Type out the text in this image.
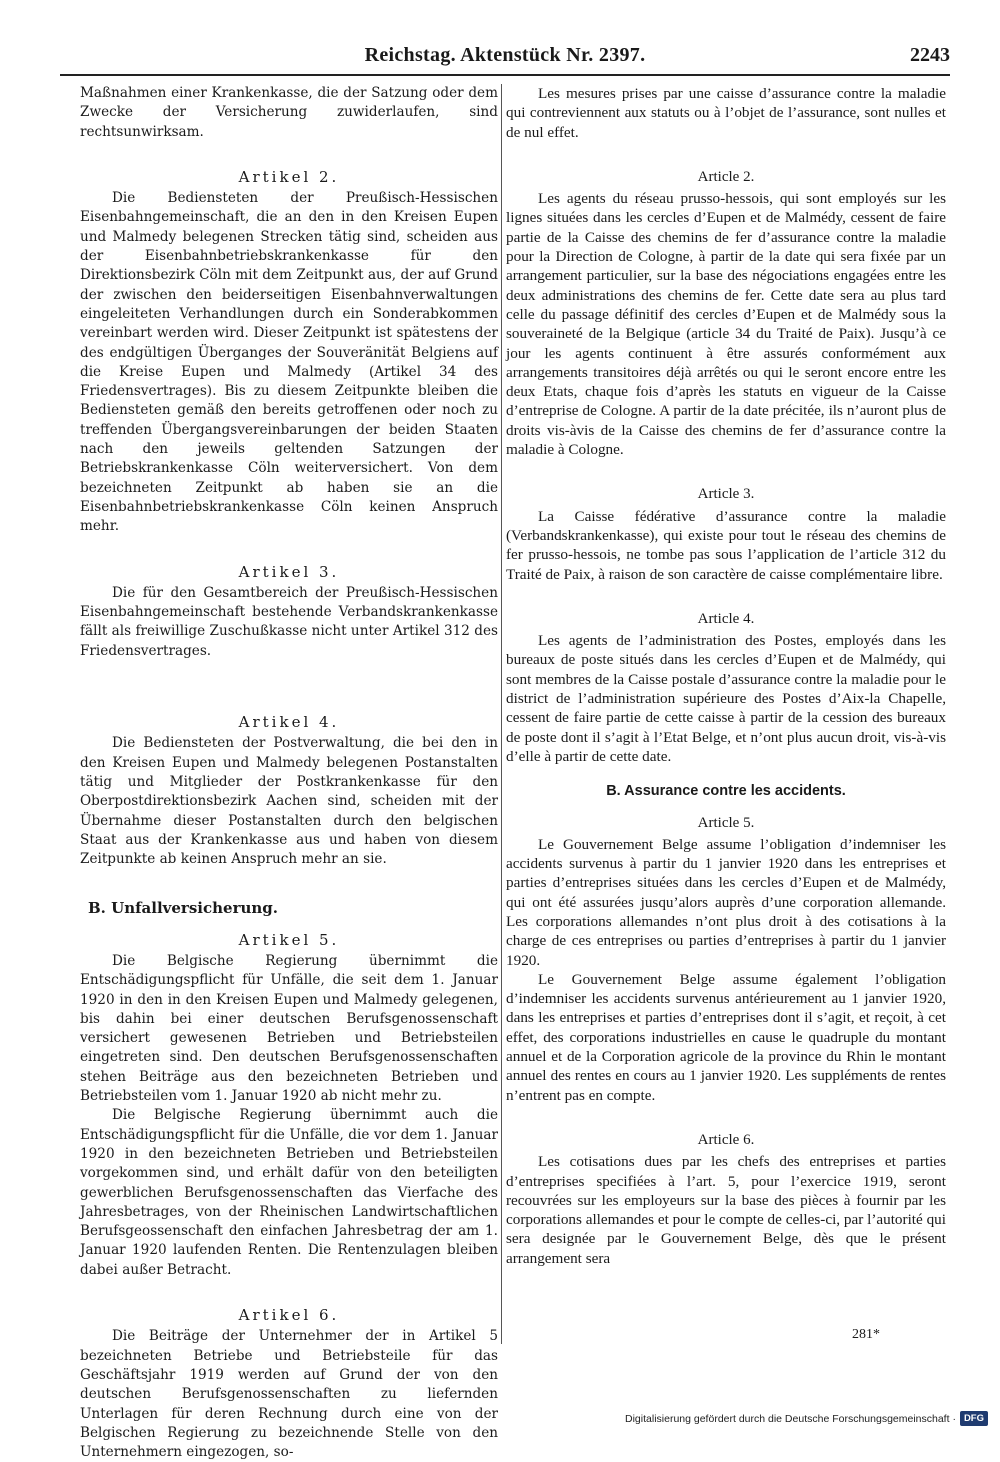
Reichstag. Aktenstück Nr. 2397.	2243

Maßnahmen einer Krankenkasse, die der Satzung oder dem Zwecke der Versicherung zuwiderlaufen, sind rechtsunwirksam.

Artikel 2.

Die Bediensteten der Preußisch-Hessischen Eisenbahngemeinschaft, die an den in den Kreisen Eupen und Malmedy belegenen Strecken tätig sind, scheiden aus der Eisenbahnbetriebskrankenkasse für den Direktionsbezirk Cöln mit dem Zeitpunkt aus, der auf Grund der zwischen den beiderseitigen Eisenbahnverwaltungen eingeleiteten Verhandlungen durch ein Sonderabkommen vereinbart werden wird. Dieser Zeitpunkt ist spätestens der des endgültigen Überganges der Souveränität Belgiens auf die Kreise Eupen und Malmedy (Artikel 34 des Friedensvertrages). Bis zu diesem Zeitpunkte bleiben die Bediensteten gemäß den bereits getroffenen oder noch zu treffenden Übergangsvereinbarungen der beiden Staaten nach den jeweils geltenden Satzungen der Betriebskrankenkasse Cöln weiterversichert. Von dem bezeichneten Zeitpunkt ab haben sie an die Eisenbahnbetriebskrankenkasse Cöln keinen Anspruch mehr.

Artikel 3.

Die für den Gesamtbereich der Preußisch-Hessischen Eisenbahngemeinschaft bestehende Verbandskrankenkasse fällt als freiwillige Zuschußkasse nicht unter Artikel 312 des Friedensvertrages.

Artikel 4.

Die Bediensteten der Postverwaltung, die bei den in den Kreisen Eupen und Malmedy belegenen Postanstalten tätig und Mitglieder der Postkrankenkasse für den Oberpostdirektionsbezirk Aachen sind, scheiden mit der Übernahme dieser Postanstalten durch den belgischen Staat aus der Krankenkasse aus und haben von diesem Zeitpunkte ab keinen Anspruch mehr an sie.

B. Unfallversicherung.
Artikel 5.

Die Belgische Regierung übernimmt die Entschädigungspflicht für Unfälle, die seit dem 1. Januar 1920 in den in den Kreisen Eupen und Malmedy gelegenen, bis dahin bei einer deutschen Berufsgenossenschaft versichert gewesenen Betrieben und Betriebsteilen eingetreten sind. Den deutschen Berufsgenossenschaften stehen Beiträge aus den bezeichneten Betrieben und Betriebsteilen vom 1. Januar 1920 ab nicht mehr zu.

Die Belgische Regierung übernimmt auch die Entschädigungspflicht für die Unfälle, die vor dem 1. Januar 1920 in den bezeichneten Betrieben und Betriebsteilen vorgekommen sind, und erhält dafür von den beteiligten gewerblichen Berufsgenossenschaften das Vierfache des Jahresbetrages, von der Rheinischen Landwirtschaftlichen Berufsgeossenschaft den einfachen Jahresbetrag der am 1. Januar 1920 laufenden Renten. Die Rentenzulagen bleiben dabei außer Betracht.

Artikel 6.

Die Beiträge der Unternehmer der in Artikel 5 bezeichneten Betriebe und Betriebsteile für das Geschäftsjahr 1919 werden auf Grund der von den deutschen Berufsgenossenschaften zu liefernden Unterlagen für deren Rechnung durch eine von der Belgischen Regierung zu bezeichnende Stelle von den Unternehmern eingezogen, so-

Les mesures prises par une caisse d’assurance contre la maladie qui contreviennent aux statuts ou à l’objet de l’assurance, sont nulles et de nul effet.

Article 2.

Les agents du réseau prusso-hessois, qui sont employés sur les lignes situées dans les cercles d’Eupen et de Malmédy, cessent de faire partie de la Caisse des chemins de fer d’assurance contre la maladie pour la Direction de Cologne, à partir de la date qui sera fixée par un arrangement particulier, sur la base des négociations engagées entre les deux administrations des chemins de fer. Cette date sera au plus tard celle du passage définitif des cercles d’Eupen et de Malmédy sous la souveraineté de la Belgique (article 34 du Traité de Paix). Jusqu’à ce jour les agents continuent à être assurés conformément aux arrangements transitoires déjà arrêtés ou qui le seront encore entre les deux Etats, chaque fois d’après les statuts en vigueur de la Caisse d’entreprise de Cologne. A partir de la date précitée, ils n’auront plus de droits vis-àvis de la Caisse des chemins de fer d’assurance contre la maladie à Cologne.

Article 3.

La Caisse fédérative d’assurance contre la maladie (Verbandskrankenkasse), qui existe pour tout le réseau des chemins de fer prusso-hessois, ne tombe pas sous l’application de l’article 312 du Traité de Paix, à raison de son caractère de caisse complémentaire libre.

Article 4.

Les agents de l’administration des Postes, employés dans les bureaux de poste situés dans les cercles d’Eupen et de Malmédy, qui sont membres de la Caisse postale d’assurance contre la maladie pour le district de l’administration supérieure des Postes d’Aix-la Chapelle, cessent de faire partie de cette caisse à partir de la cession des bureaux de poste dont il s’agit à l’Etat Belge, et n’ont plus aucun droit, vis-à-vis d’elle à partir de cette date.

B. Assurance contre les accidents.
Article 5.

Le Gouvernement Belge assume l’obligation d’indemniser les accidents survenus à partir du 1 janvier 1920 dans les entreprises et parties d’entreprises situées dans les cercles d’Eupen et de Malmédy, qui ont été assurées jusqu’alors auprès d’une corporation allemande. Les corporations allemandes n’ont plus droit à des cotisations à la charge de ces entreprises ou parties d’entreprises à partir du 1 janvier 1920.

Le Gouvernement Belge assume également l’obligation d’indemniser les accidents survenus antérieurement au 1 janvier 1920, dans les entreprises et parties d’entreprises dont il s’agit, et reçoit, à cet effet, des corporations industrielles en cause le quadruple du montant annuel et de la Corporation agricole de la province du Rhin le montant annuel des rentes en cours au 1 janvier 1920. Les suppléments de rentes n’entrent pas en compte.

Article 6.

Les cotisations dues par les chefs des entreprises et parties d’entreprises specifiées à l’art. 5, pour l’exercice 1919, seront recouvrées sur les employeurs sur la base des pièces à fournir par les corporations allemandes et pour le compte de celles-ci, par l’autorité qui sera designée par le Gouvernement Belge, dès que le présent arrangement sera

281*
Digitalisierung gefördert durch die Deutsche Forschungsgemeinschaft · DFG
